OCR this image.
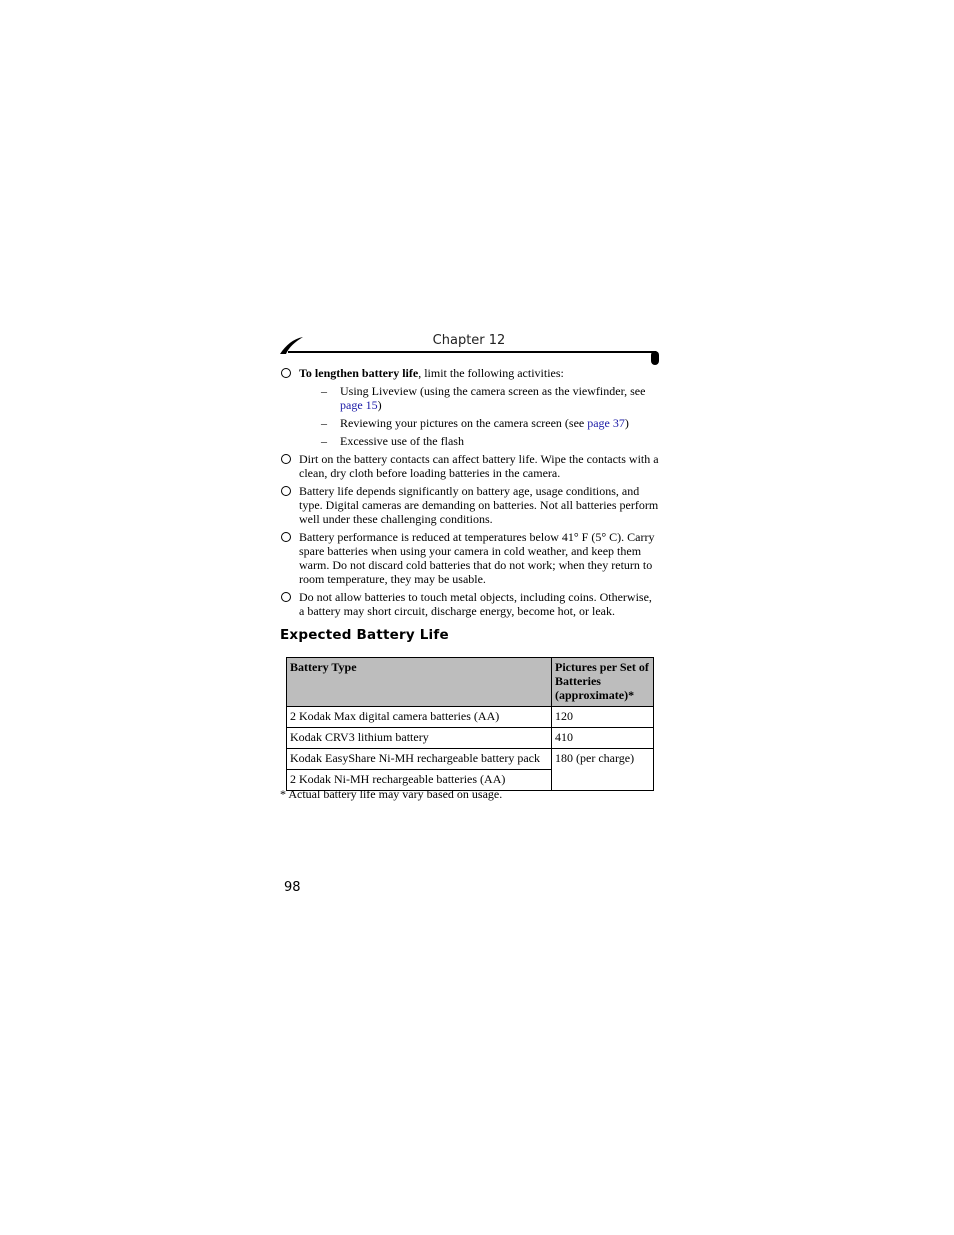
Chapter 12
To lengthen battery life, limit the following activities:
– Using Liveview (using the camera screen as the viewfinder, see page 15)
– Reviewing your pictures on the camera screen (see page 37)
– Excessive use of the flash
Dirt on the battery contacts can affect battery life. Wipe the contacts with a clean, dry cloth before loading batteries in the camera.
Battery life depends significantly on battery age, usage conditions, and type. Digital cameras are demanding on batteries. Not all batteries perform well under these challenging conditions.
Battery performance is reduced at temperatures below 41° F (5° C). Carry spare batteries when using your camera in cold weather, and keep them warm. Do not discard cold batteries that do not work; when they return to room temperature, they may be usable.
Do not allow batteries to touch metal objects, including coins. Otherwise, a battery may short circuit, discharge energy, become hot, or leak.
Expected Battery Life
Battery Type	Pictures per Set of Batteries (approximate)*
2 Kodak Max digital camera batteries (AA)	120
Kodak CRV3 lithium battery	410
Kodak EasyShare Ni-MH rechargeable battery pack	180 (per charge)
2 Kodak Ni-MH rechargeable batteries (AA)	
* Actual battery life may vary based on usage.
98
